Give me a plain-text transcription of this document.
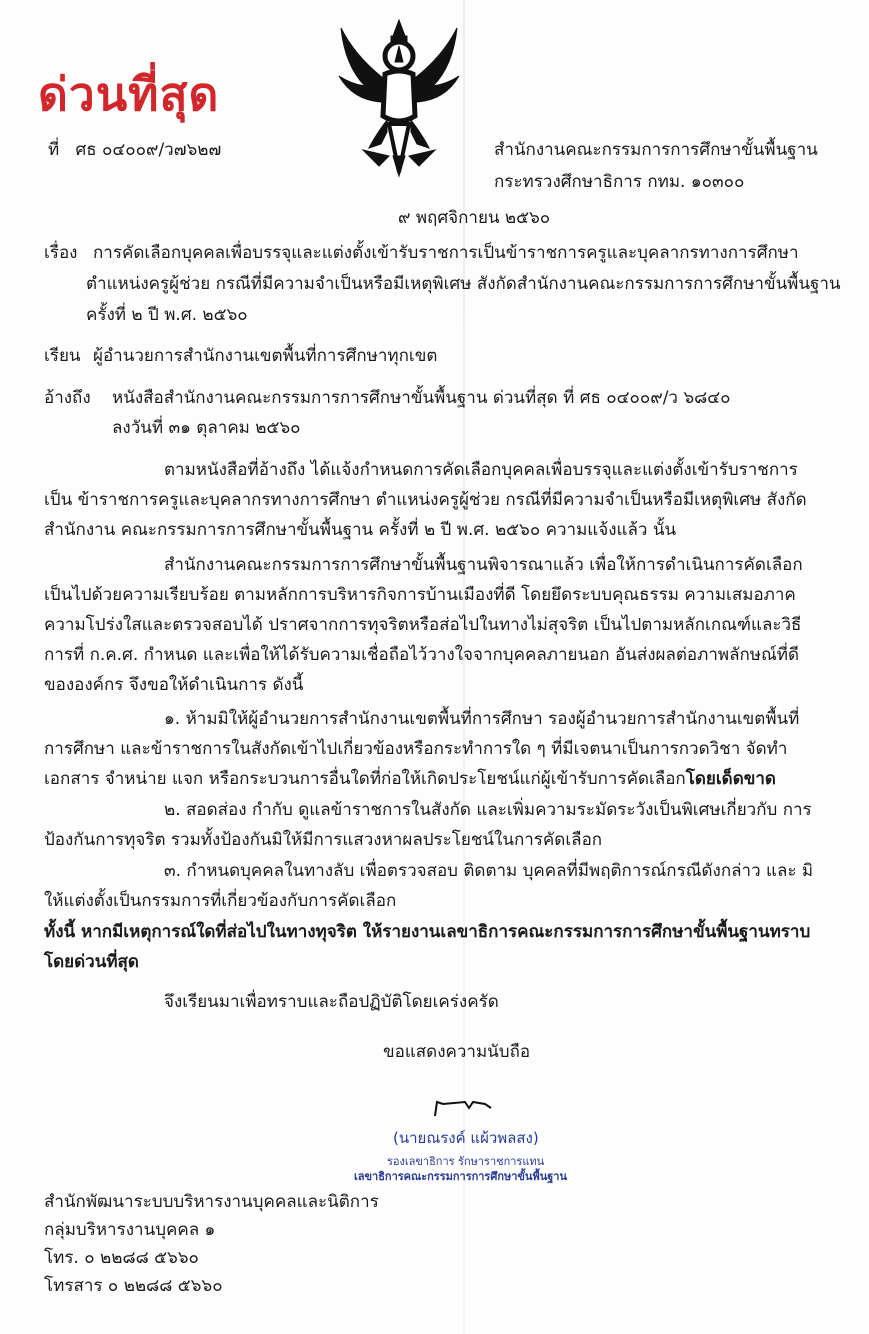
ด่วนที่สุด
ที่ ศธ ๐๔๐๐๙/ว๗๖๒๗	สำนักงานคณะกรรมการการศึกษาขั้นพื้นฐาน
กระทรวงศึกษาธิการ กทม. ๑๐๓๐๐
๙ พฤศจิกายน ๒๕๖๐
เรื่อง การคัดเลือกบุคคลเพื่อบรรจุและแต่งตั้งเข้ารับราชการเป็นข้าราชการครูและบุคลากรทางการศึกษา
ตำแหน่งครูผู้ช่วย กรณีที่มีความจำเป็นหรือมีเหตุพิเศษ สังกัดสำนักงานคณะกรรมการการศึกษาขั้นพื้นฐาน
ครั้งที่ ๒ ปี พ.ศ. ๒๕๖๐
เรียน ผู้อำนวยการสำนักงานเขตพื้นที่การศึกษาทุกเขต
อ้างถึง หนังสือสำนักงานคณะกรรมการการศึกษาขั้นพื้นฐาน ด่วนที่สุด ที่ ศธ ๐๔๐๐๙/ว ๖๘๔๐
ลงวันที่ ๓๑ ตุลาคม ๒๕๖๐
ตามหนังสือที่อ้างถึง ได้แจ้งกำหนดการคัดเลือกบุคคลเพื่อบรรจุและแต่งตั้งเข้ารับราชการเป็น ข้าราชการครูและบุคลากรทางการศึกษา ตำแหน่งครูผู้ช่วย กรณีที่มีความจำเป็นหรือมีเหตุพิเศษ สังกัดสำนักงาน คณะกรรมการการศึกษาขั้นพื้นฐาน ครั้งที่ ๒ ปี พ.ศ. ๒๕๖๐ ความแจ้งแล้ว นั้น
สำนักงานคณะกรรมการการศึกษาขั้นพื้นฐานพิจารณาแล้ว เพื่อให้การดำเนินการคัดเลือก เป็นไปด้วยความเรียบร้อย ตามหลักการบริหารกิจการบ้านเมืองที่ดี โดยยึดระบบคุณธรรม ความเสมอภาค ความโปร่งใสและตรวจสอบได้ ปราศจากการทุจริตหรือส่อไปในทางไม่สุจริต เป็นไปตามหลักเกณฑ์และวิธีการที่ ก.ค.ศ. กำหนด และเพื่อให้ได้รับความเชื่อถือไว้วางใจจากบุคคลภายนอก อันส่งผลต่อภาพลักษณ์ที่ดีขององค์กร จึงขอให้ดำเนินการ ดังนี้
๑. ห้ามมิให้ผู้อำนวยการสำนักงานเขตพื้นที่การศึกษา รองผู้อำนวยการสำนักงานเขตพื้นที่ การศึกษา และข้าราชการในสังกัดเข้าไปเกี่ยวข้องหรือกระทำการใด ๆ ที่มีเจตนาเป็นการกวดวิชา จัดทำเอกสาร จำหน่าย แจก หรือกระบวนการอื่นใดที่ก่อให้เกิดประโยชน์แก่ผู้เข้ารับการคัดเลือกโดยเด็ดขาด
๒. สอดส่อง กำกับ ดูแลข้าราชการในสังกัด และเพิ่มความระมัดระวังเป็นพิเศษเกี่ยวกับ การป้องกันการทุจริต รวมทั้งป้องกันมิให้มีการแสวงหาผลประโยชน์ในการคัดเลือก
๓. กำหนดบุคคลในทางลับ เพื่อตรวจสอบ ติดตาม บุคคลที่มีพฤติการณ์กรณีดังกล่าว และ มิให้แต่งตั้งเป็นกรรมการที่เกี่ยวข้องกับการคัดเลือก
ทั้งนี้ หากมีเหตุการณ์ใดที่ส่อไปในทางทุจริต ให้รายงานเลขาธิการคณะกรรมการการศึกษาขั้นพื้นฐานทราบ โดยด่วนที่สุด
จึงเรียนมาเพื่อทราบและถือปฏิบัติโดยเคร่งครัด
ขอแสดงความนับถือ
(นายณรงค์ แผ้วพลสง)
รองเลขาธิการ รักษาราชการแทน
เลขาธิการคณะกรรมการการศึกษาขั้นพื้นฐาน
สำนักพัฒนาระบบบริหารงานบุคคลและนิติการ
กลุ่มบริหารงานบุคคล ๑
โทร. ๐ ๒๒๘๘ ๕๖๖๐
โทรสาร ๐ ๒๒๘๘ ๕๖๖๐
